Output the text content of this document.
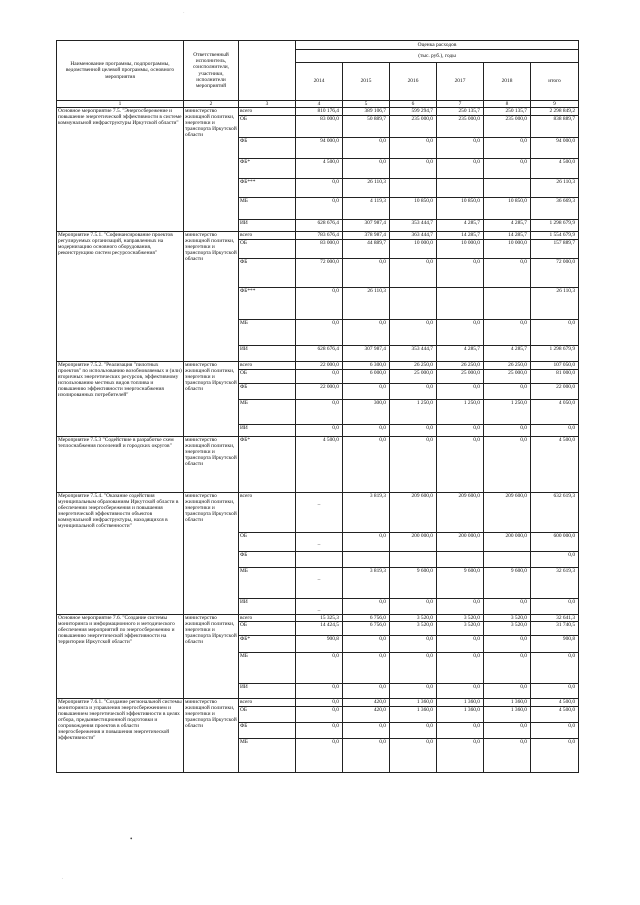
Наименование программы, подпрограммы, ведомственной целевой программы, основного мероприятия	Ответственный исполнитель, соисполнители, участники, исполнители мероприятий		Оценка расходов					
			(тыс. руб.), годы					
			2014	2015	2016	2017	2018	итого
1	2	3	4	5	6	7	8	9
Основное мероприятие 7.5. "Энергосбережение и повышение энергетической эффективности в системе коммунальной инфраструктуры Иркутской области"	министерство жилищной политики, энергетики и транспорта Иркутской области	всего	810 176,4	389 106,7	599 294,7	250 135,7	250 135,7	2 298 849,2
		ОБ	83 000,0	50 889,7	235 000,0	235 000,0	235 000,0	838 889,7
		ФБ	94 000,0	0,0	0,0	0,0	0,0	94 000,0
		ФБ*	4 500,0	0,0	0,0	0,0	0,0	4 500,0
		ФБ***	0,0	26 110,3				26 110,3
		МБ	0,0	4 119,3	10 850,0	10 850,0	10 850,0	36 669,3
		ИИ	628 676,4	307 987,4	353 444,7	4 285,7	4 285,7	1 298 679,9
Мероприятие 7.5.1. "Софинансирование проектов регулируемых организаций, направленных на модернизацию основного оборудования, реконструкцию систем ресурсоснабжения"	министерство жилищной политики, энергетики и транспорта Иркутской области	всего	783 676,4	378 987,4	363 444,7	14 285,7	14 285,7	1 554 679,9
		ОБ	83 000,0	44 889,7	10 000,0	10 000,0	10 000,0	157 889,7
		ФБ	72 000,0	0,0	0,0	0,0	0,0	72 000,0
		ФБ***	0,0	26 110,3				26 110,3
		МБ	0,0	0,0	0,0	0,0	0,0	0,0
		ИИ	628 676,4	307 987,4	353 444,7	4 285,7	4 285,7	1 298 679,9
Мероприятие 7.5.2. "Реализация "пилотных проектов" по использованию возобновляемых и (или) вторичных энергетических ресурсов, эффективному использованию местных видов топлива и повышению эффективности энергоснабжения изолированных потребителей"	министерство жилищной политики, энергетики и транспорта Иркутской области	всего	22 000,0	6 300,0	26 250,0	26 250,0	26 250,0	107 050,0
		ОБ	0,0	6 000,0	25 000,0	25 000,0	25 000,0	81 000,0
		ФБ	22 000,0	0,0	0,0	0,0	0,0	22 000,0
		МБ	0,0	300,0	1 250,0	1 250,0	1 250,0	4 050,0
		ИИ	0,0	0,0	0,0	0,0	0,0	0,0
Мероприятие 7.5.3 "Содействие в разработке схем теплоснабжения поселений и городских округов"	министерство жилищной политики, энергетики и транспорта Иркутской области	ФБ*	4 500,0	0,0	0,0	0,0	0,0	4 500,0
Мероприятие 7.5.4. "Оказание содействия муниципальным образованиям Иркутской области в обеспечении энергосбережения и повышения энергетической эффективности объектов коммунальной инфраструктуры, находящихся в муниципальной собственности"	министерство жилищной политики, энергетики и транспорта Иркутской области	всего	–	3 819,3	209 600,0	209 600,0	209 600,0	632 619,3
		ОБ	–	0,0	200 000,0	200 000,0	200 000,0	600 000,0
		ФБ						0,0
		МБ	–	3 819,3	9 600,0	9 600,0	9 600,0	32 619,3
		ИИ	–	0,0	0,0	0,0	0,0	0,0
Основное мероприятие 7.6. "Создание системы мониторинга и информационного и методического обеспечения мероприятий по энергосбережению и повышению энергетической эффективности на территории Иркутской области"	министерство жилищной политики, энергетики и транспорта Иркутской области	всего	15 325,3	6 756,0	3 520,0	3 520,0	3 520,0	32 641,3
		ОБ	14 424,5	6 756,0	3 520,0	3 520,0	3 520,0	31 740,5
		ФБ*	900,8	0,0	0,0	0,0	0,0	900,8
		МБ	0,0	0,0	0,0	0,0	0,0	0,0
		ИИ	0,0	0,0	0,0	0,0	0,0	0,0
Мероприятие 7.6.1. "Создание региональной системы мониторинга и управления энергосбережением и повышением энергетической эффективности в целях отбора, предынвестиционной подготовки и сопровождения проектов в области энергосбережения и повышения энергетической эффективности"	министерство жилищной политики, энергетики и транспорта Иркутской области	всего	0,0	420,0	1 360,0	1 360,0	1 360,0	4 500,0
		ОБ	0,0	420,0	1 360,0	1 360,0	1 360,0	4 500,0
		ФБ	0,0	0,0	0,0	0,0	0,0	0,0
		МБ	0,0	0,0	0,0	0,0	0,0	0,0
·
•
'
